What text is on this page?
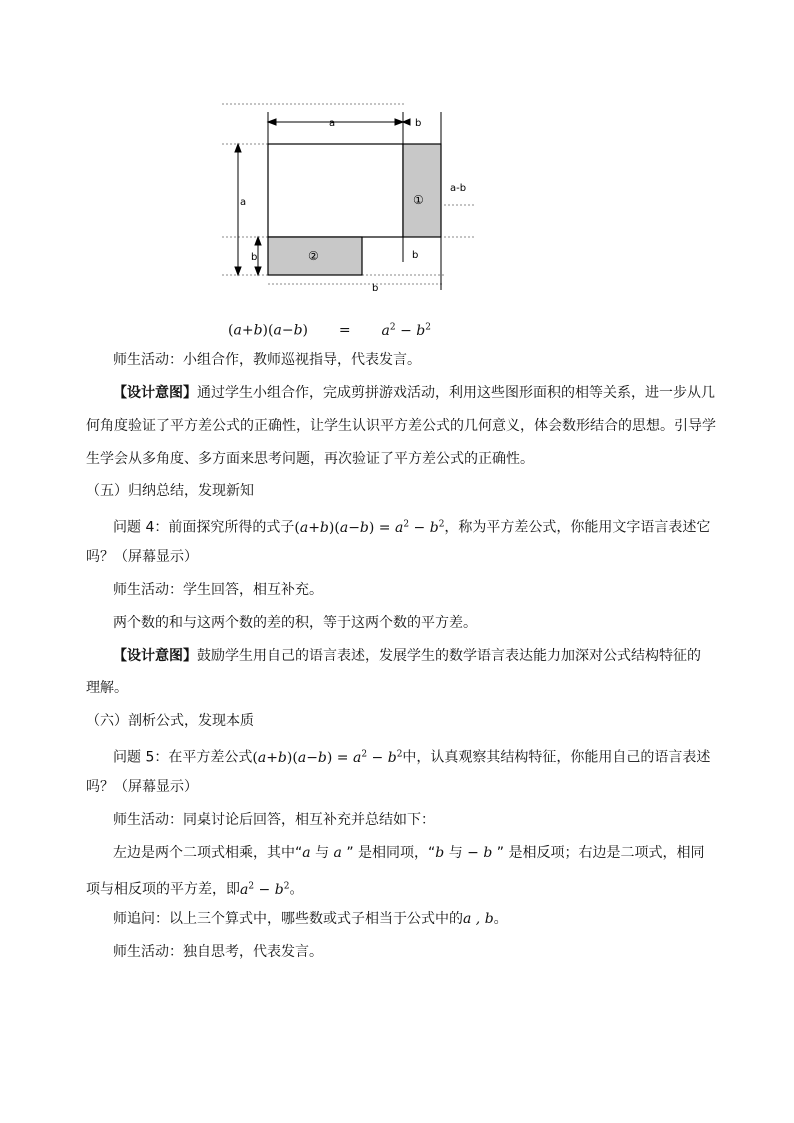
a	b
a-b
a
b	b
b
①
②
$(a+b)(a-b) = a^2 - b^2$
师生活动：小组合作，教师巡视指导，代表发言。
【设计意图】通过学生小组合作，完成剪拼游戏活动，利用这些图形面积的相等关系，进一步从几
何角度验证了平方差公式的正确性，让学生认识平方差公式的几何意义，体会数形结合的思想。引导学
生学会从多角度、多方面来思考问题，再次验证了平方差公式的正确性。
（五）归纳总结，发现新知
问题 4：前面探究所得的式子$(a+b)(a-b) = a^2 - b^2$，称为平方差公式，你能用文字语言表述它
吗？（屏幕显示）
师生活动：学生回答，相互补充。
两个数的和与这两个数的差的积，等于这两个数的平方差。
【设计意图】鼓励学生用自己的语言表述，发展学生的数学语言表达能力加深对公式结构特征的
理解。
（六）剖析公式，发现本质
问题 5：在平方差公式$(a+b)(a-b) = a^2 - b^2$中，认真观察其结构特征，你能用自己的语言表述
吗？（屏幕显示）
师生活动：同桌讨论后回答，相互补充并总结如下：
左边是两个二项式相乘，其中“a 与 a ” 是相同项，“b 与 − b ” 是相反项；右边是二项式，相同
项与相反项的平方差，即$a^2 - b^2$。
师追问：以上三个算式中，哪些数或式子相当于公式中的a , b。
师生活动：独自思考，代表发言。
